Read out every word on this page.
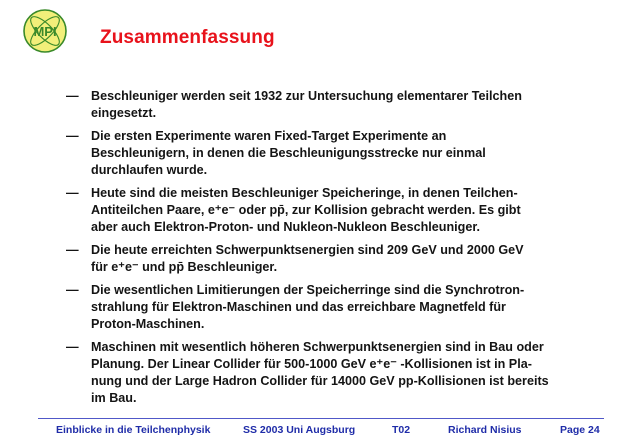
MPI Zusammenfassung
— Beschleuniger werden seit 1932 zur Untersuchung elementarer Teilchen
eingesetzt.
— Die ersten Experimente waren Fixed-Target Experimente an
Beschleunigern, in denen die Beschleunigungsstrecke nur einmal
durchlaufen wurde.
— Heute sind die meisten Beschleuniger Speicheringe, in denen Teilchen-
Antiteilchen Paare, e⁺e⁻ oder pp̄, zur Kollision gebracht werden. Es gibt
aber auch Elektron-Proton- und Nukleon-Nukleon Beschleuniger.
— Die heute erreichten Schwerpunktsenergien sind 209 GeV und 2000 GeV
für e⁺e⁻ und pp̄ Beschleuniger.
— Die wesentlichen Limitierungen der Speicherringe sind die Synchrotron-
strahlung für Elektron-Maschinen und das erreichbare Magnetfeld für
Proton-Maschinen.
— Maschinen mit wesentlich höheren Schwerpunktsenergien sind in Bau oder
Planung. Der Linear Collider für 500-1000 GeV e⁺e⁻ -Kollisionen ist in Pla-
nung und der Large Hadron Collider für 14000 GeV pp-Kollisionen ist bereits
im Bau.
Einblicke in die Teilchenphysik	SS 2003 Uni Augsburg	T02	Richard Nisius	Page 24
